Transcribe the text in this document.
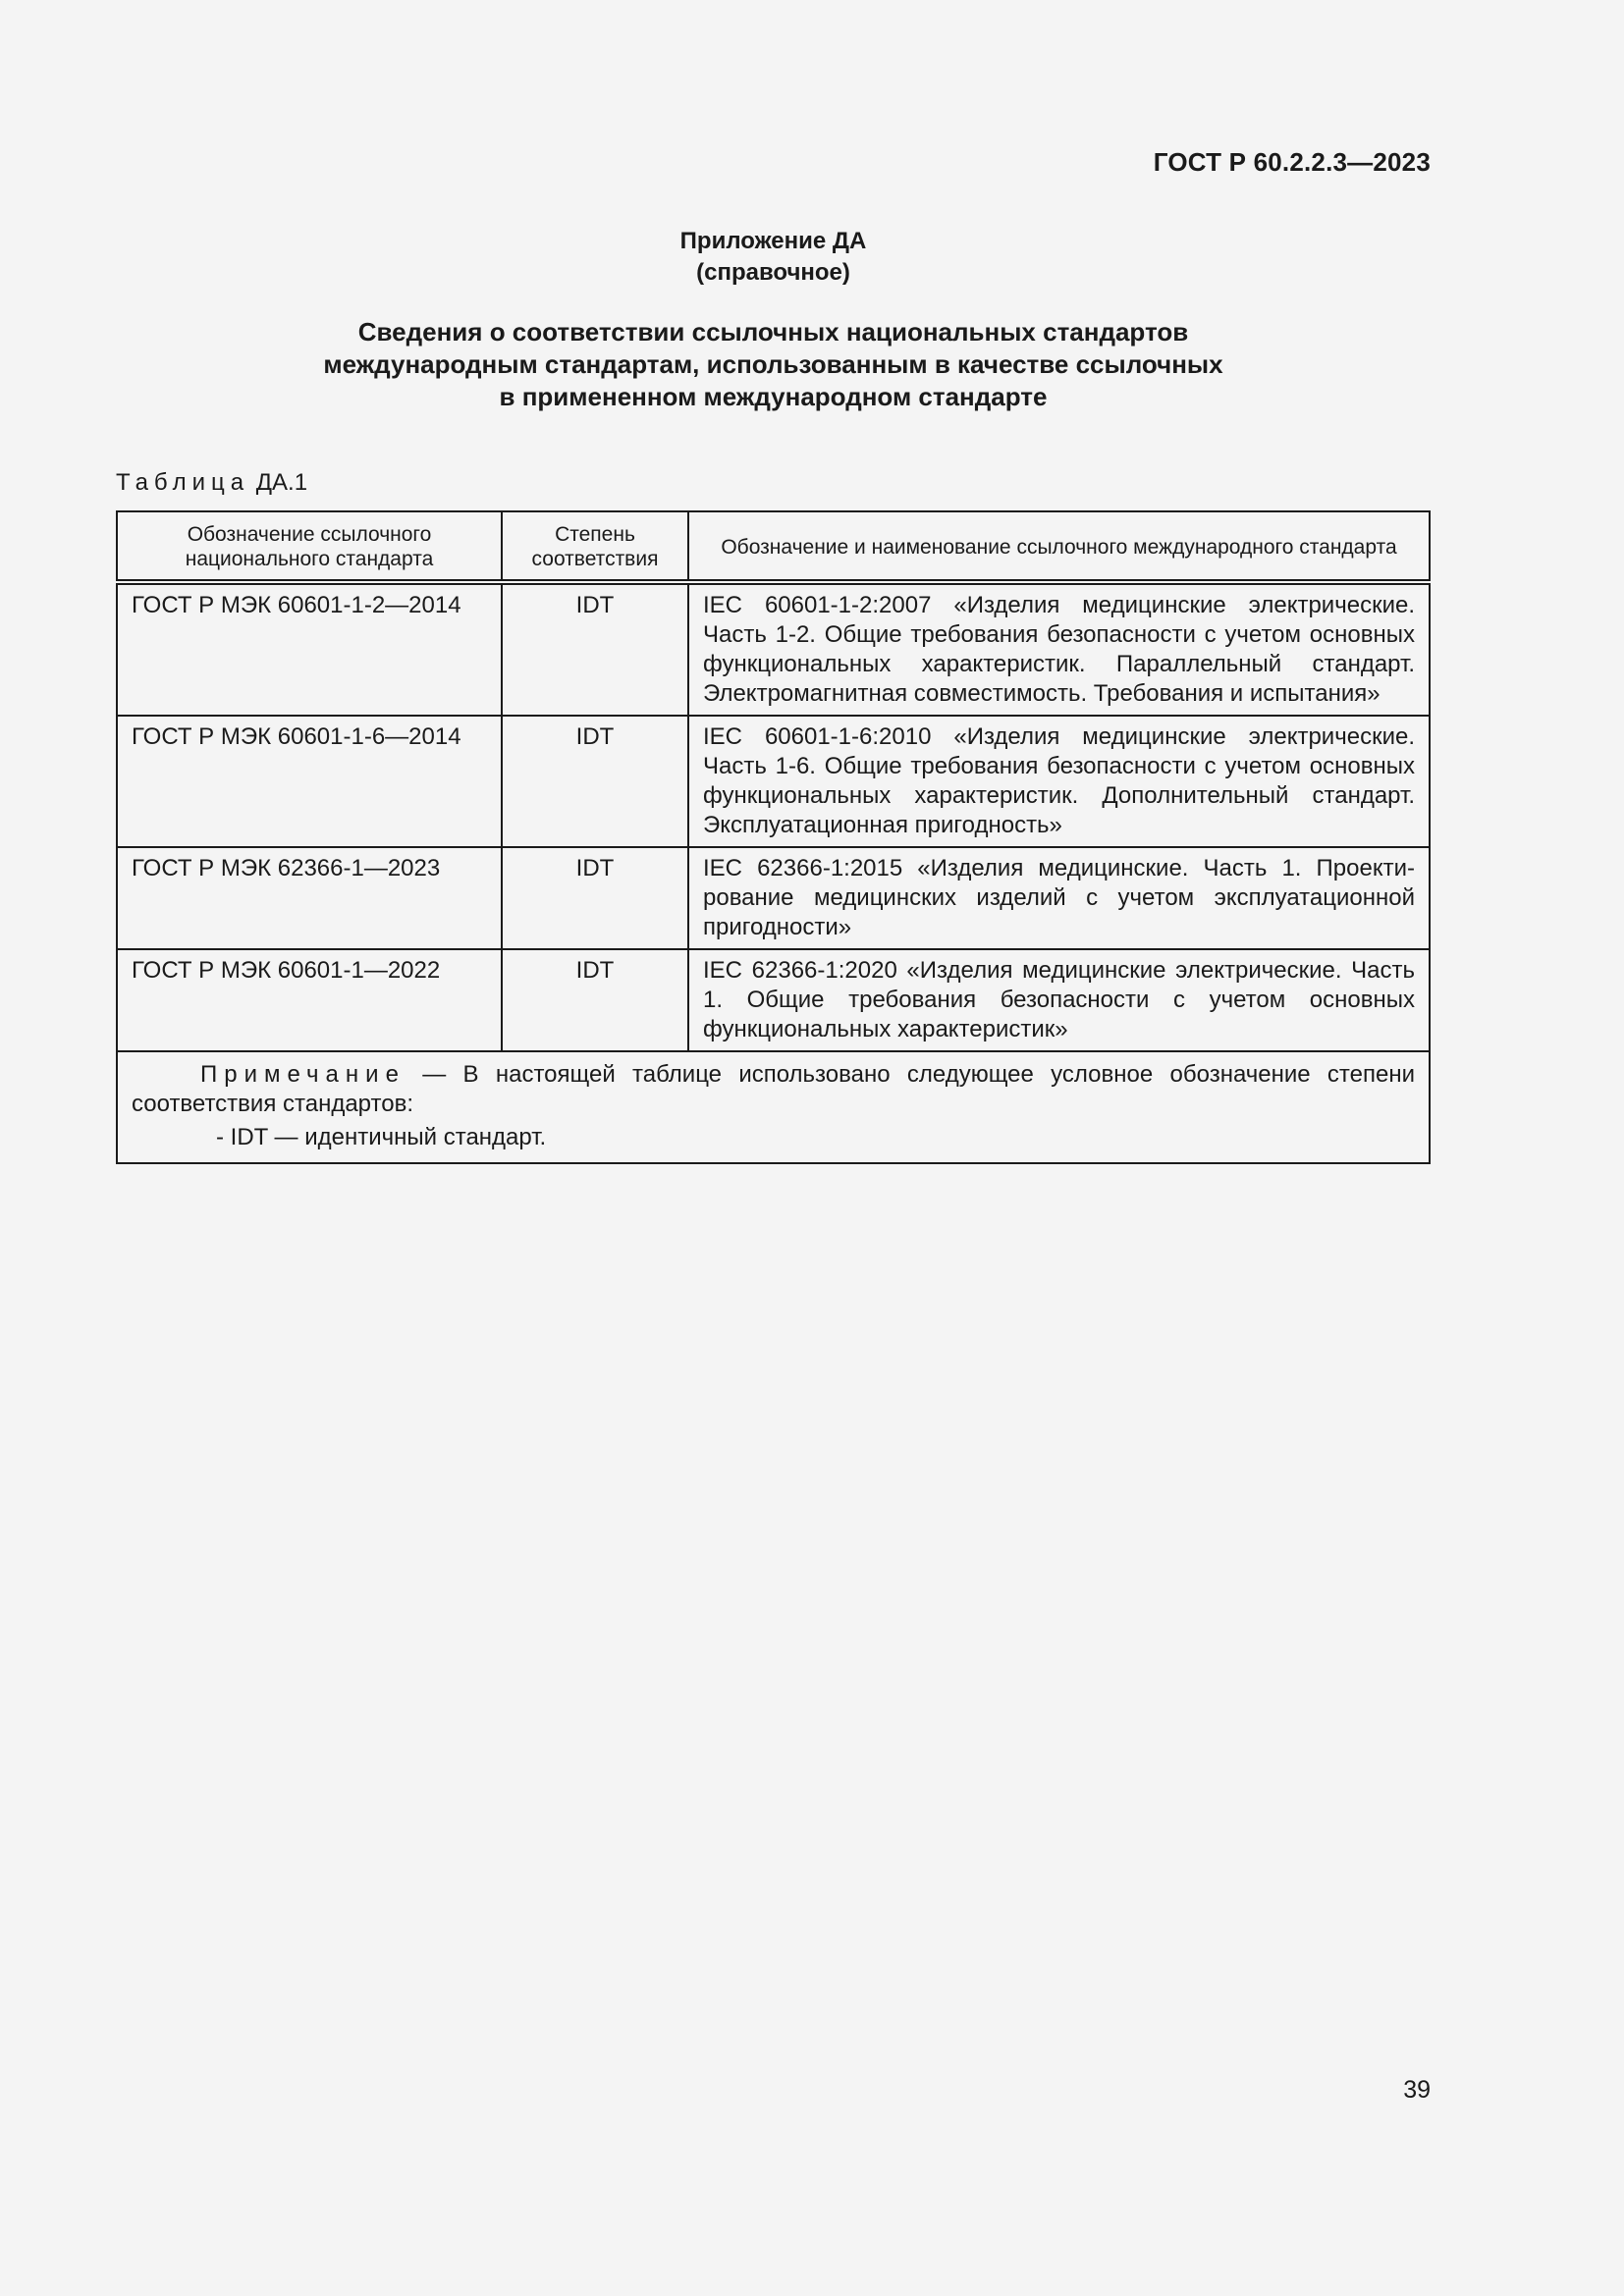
ГОСТ Р 60.2.2.3—2023
Приложение ДА
(справочное)
Сведения о соответствии ссылочных национальных стандартов
международным стандартам, использованным в качестве ссылочных
в примененном международном стандарте
Таблица ДА.1
Обозначение ссылочного национального стандарта	Степень соответствия	Обозначение и наименование ссылочного международного стандарта
ГОСТ Р МЭК 60601-1-2—2014	IDT	IEC 60601-1-2:2007 «Изделия медицинские электрические. Часть 1-2. Общие требования безопасности с учетом основных функциональных характеристик. Параллельный стандарт. Электромагнитная совместимость. Требования и испытания»

ГОСТ Р МЭК 60601-1-6—2014	IDT	IEC 60601-1-6:2010 «Изделия медицинские электрические. Часть 1-6. Общие требования безопасности с учетом основных функциональных характеристик. Дополнительный стандарт. Эксплуатационная пригодность»

ГОСТ Р МЭК 62366-1—2023	IDT	IEC 62366-1:2015 «Изделия медицинские. Часть 1. Проекти-рование медицинских изделий с учетом эксплуатационной пригодности»

ГОСТ Р МЭК 60601-1—2022	IDT	IEC 62366-1:2020 «Изделия медицинские электрические. Часть 1. Общие требования безопасности с учетом основных функциональных характеристик»

Примечание — В настоящей таблице использовано следующее условное обозначение степени соответствия стандартов:
- IDT — идентичный стандарт.		
39
